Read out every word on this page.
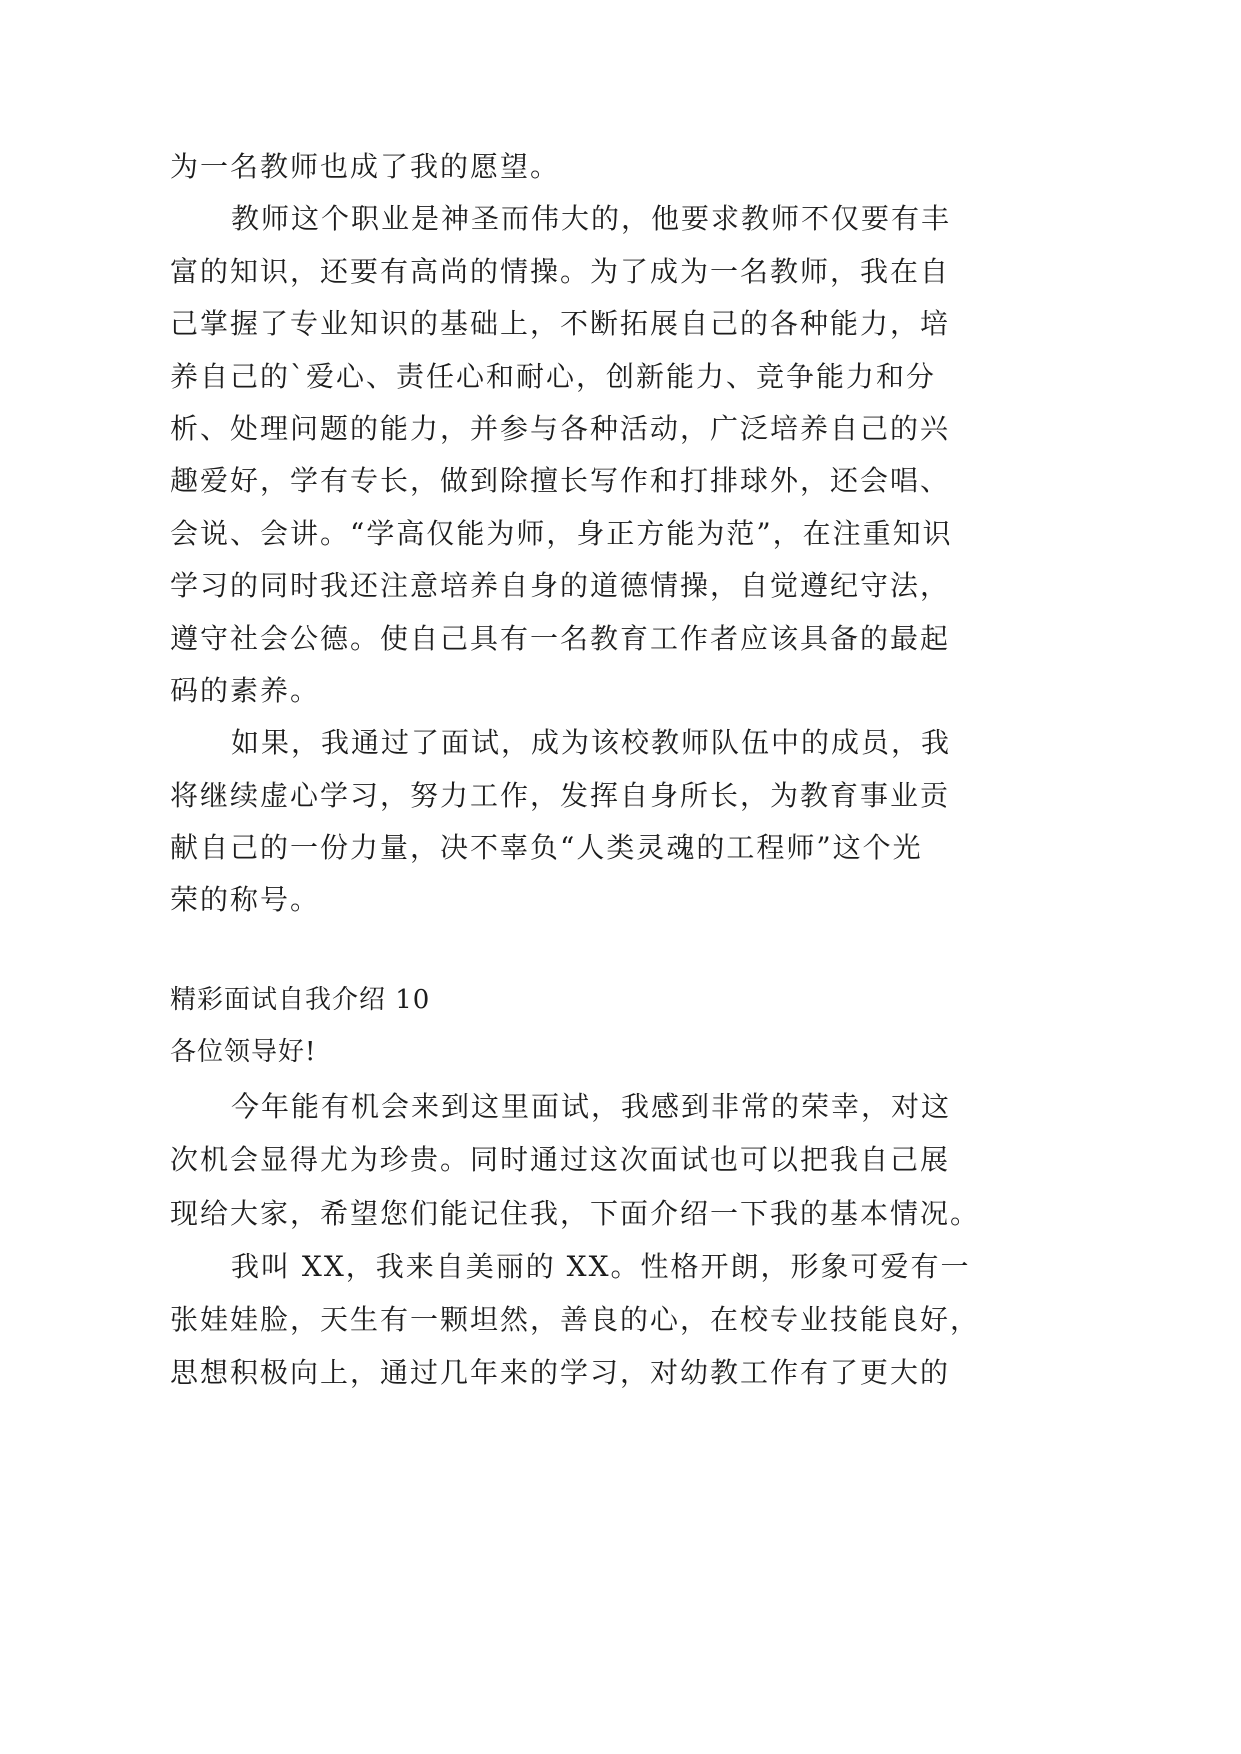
为一名教师也成了我的愿望。
教师这个职业是神圣而伟大的，他要求教师不仅要有丰
富的知识，还要有高尚的情操。为了成为一名教师，我在自
己掌握了专业知识的基础上，不断拓展自己的各种能力，培
养自己的`爱心、责任心和耐心，创新能力、竞争能力和分
析、处理问题的能力，并参与各种活动，广泛培养自己的兴
趣爱好，学有专长，做到除擅长写作和打排球外，还会唱、
会说、会讲。“学高仅能为师，身正方能为范”，在注重知识
学习的同时我还注意培养自身的道德情操，自觉遵纪守法，
遵守社会公德。使自己具有一名教育工作者应该具备的最起
码的素养。
如果，我通过了面试，成为该校教师队伍中的成员，我
将继续虚心学习，努力工作，发挥自身所长，为教育事业贡
献自己的一份力量，决不辜负“人类灵魂的工程师”这个光
荣的称号。
精彩面试自我介绍 10
各位领导好!
今年能有机会来到这里面试，我感到非常的荣幸，对这
次机会显得尤为珍贵。同时通过这次面试也可以把我自己展
现给大家，希望您们能记住我，下面介绍一下我的基本情况。
我叫 XX，我来自美丽的 XX。性格开朗，形象可爱有一
张娃娃脸，天生有一颗坦然，善良的心，在校专业技能良好，
思想积极向上，通过几年来的学习，对幼教工作有了更大的
